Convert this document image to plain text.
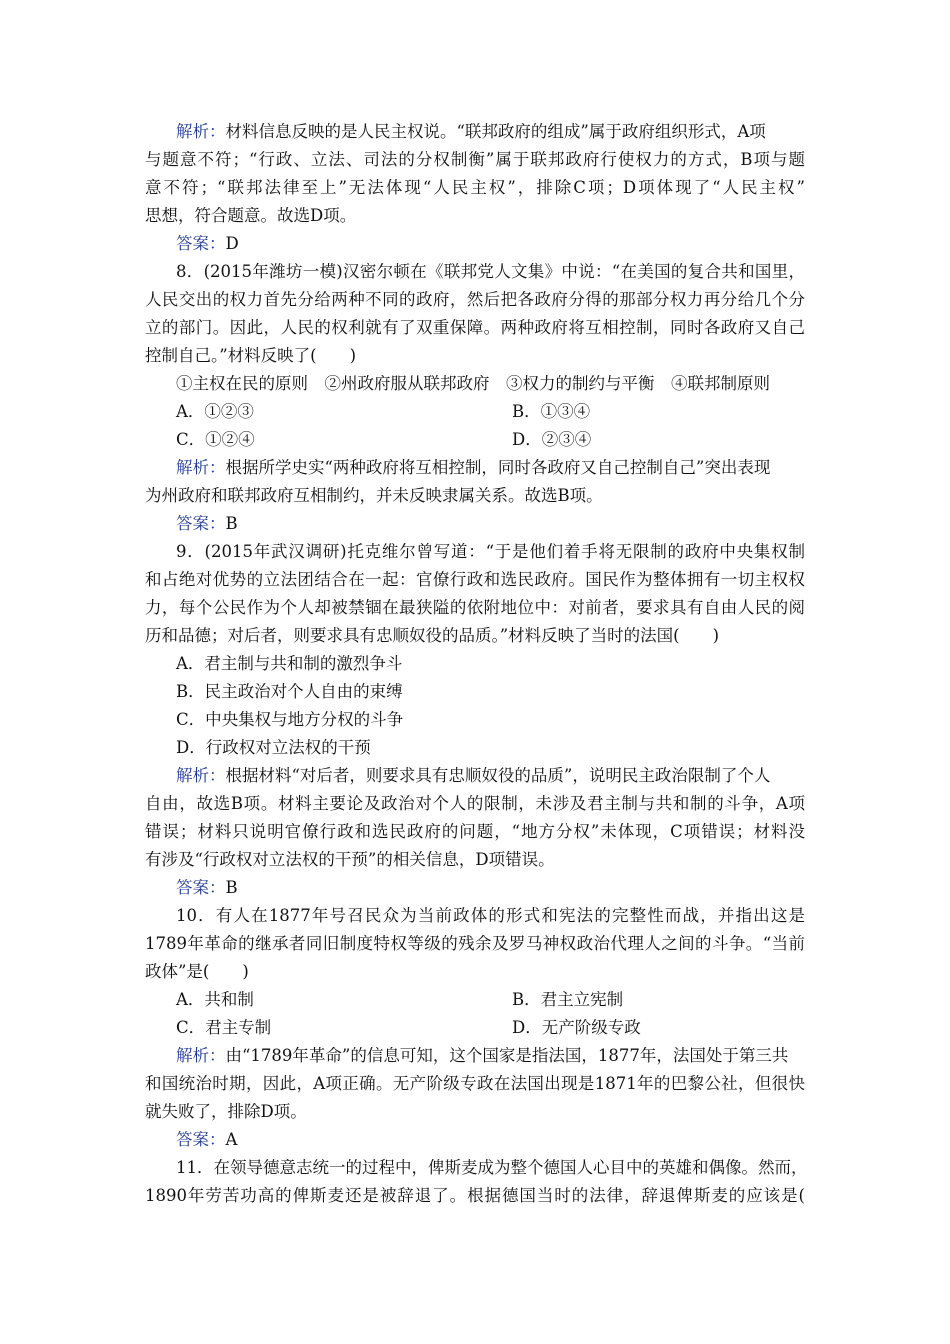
解析：材料信息反映的是人民主权说。“联邦政府的组成”属于政府组织形式，A项
与题意不符；“行政、立法、司法的分权制衡”属于联邦政府行使权力的方式，B项与题
意不符；“联邦法律至上”无法体现“人民主权”，排除C项；D项体现了“人民主权”
思想，符合题意。故选D项。
答案：D
8．(2015年潍坊一模)汉密尔顿在《联邦党人文集》中说：“在美国的复合共和国里，
人民交出的权力首先分给两种不同的政府，然后把各政府分得的那部分权力再分给几个分
立的部门。因此，人民的权利就有了双重保障。两种政府将互相控制，同时各政府又自己
控制自己。”材料反映了(　　)
①主权在民的原则　②州政府服从联邦政府　③权力的制约与平衡　④联邦制原则
A．①②③	B．①③④
C．①②④	D．②③④
解析：根据所学史实“两种政府将互相控制，同时各政府又自己控制自己”突出表现
为州政府和联邦政府互相制约，并未反映隶属关系。故选B项。
答案：B
9．(2015年武汉调研)托克维尔曾写道：“于是他们着手将无限制的政府中央集权制
和占绝对优势的立法团结合在一起：官僚行政和选民政府。国民作为整体拥有一切主权权
力，每个公民作为个人却被禁锢在最狭隘的依附地位中：对前者，要求具有自由人民的阅
历和品德；对后者，则要求具有忠顺奴役的品质。”材料反映了当时的法国(　　)
A．君主制与共和制的激烈争斗
B．民主政治对个人自由的束缚
C．中央集权与地方分权的斗争
D．行政权对立法权的干预
解析：根据材料“对后者，则要求具有忠顺奴役的品质”，说明民主政治限制了个人
自由，故选B项。材料主要论及政治对个人的限制，未涉及君主制与共和制的斗争，A项
错误；材料只说明官僚行政和选民政府的问题，“地方分权”未体现，C项错误；材料没
有涉及“行政权对立法权的干预”的相关信息，D项错误。
答案：B
10．有人在1877年号召民众为当前政体的形式和宪法的完整性而战，并指出这是
1789年革命的继承者同旧制度特权等级的残余及罗马神权政治代理人之间的斗争。“当前
政体”是(　　)
A．共和制	B．君主立宪制
C．君主专制	D．无产阶级专政
解析：由“1789年革命”的信息可知，这个国家是指法国，1877年，法国处于第三共
和国统治时期，因此，A项正确。无产阶级专政在法国出现是1871年的巴黎公社，但很快
就失败了，排除D项。
答案：A
11．在领导德意志统一的过程中，俾斯麦成为整个德国人心目中的英雄和偶像。然而，
1890年劳苦功高的俾斯麦还是被辞退了。根据德国当时的法律，辞退俾斯麦的应该是(
